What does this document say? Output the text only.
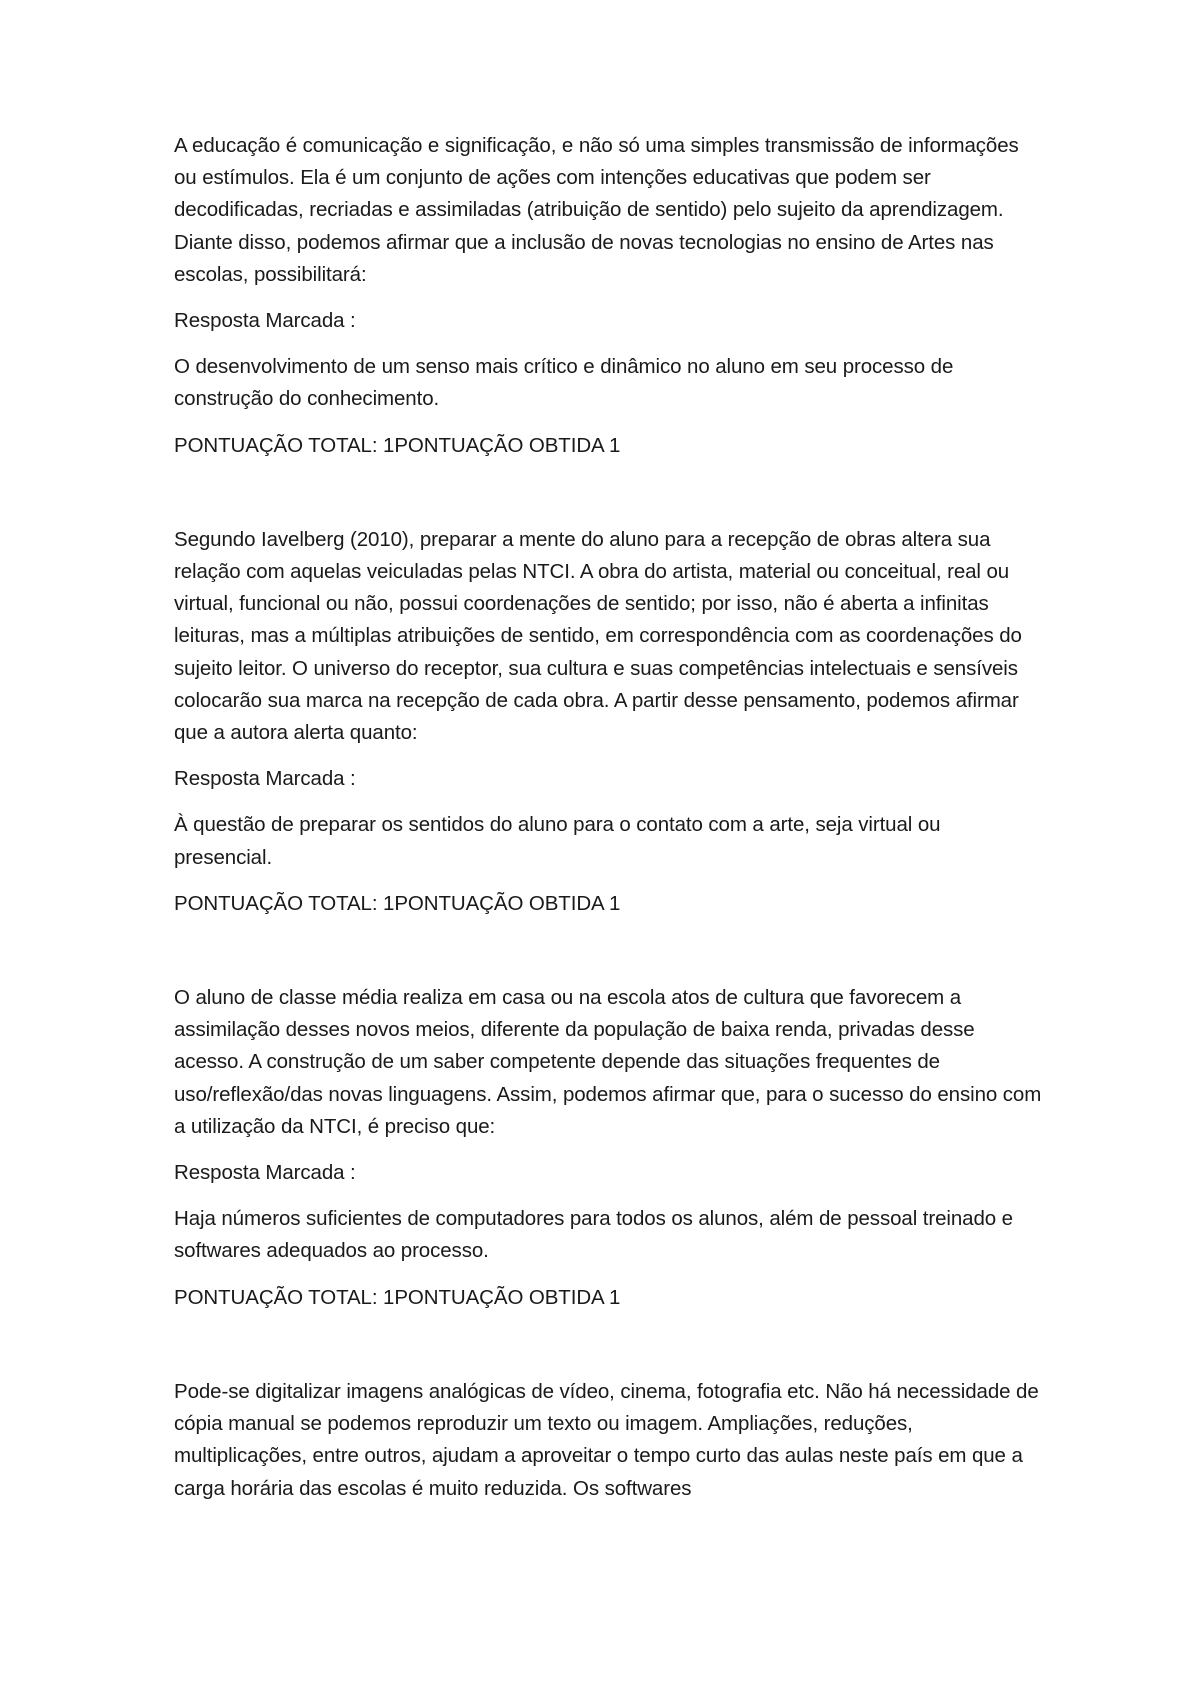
A educação é comunicação e significação, e não só uma simples transmissão de informações ou estímulos. Ela é um conjunto de ações com intenções educativas que podem ser decodificadas, recriadas e assimiladas (atribuição de sentido) pelo sujeito da aprendizagem. Diante disso, podemos afirmar que a inclusão de novas tecnologias no ensino de Artes nas escolas, possibilitará:

Resposta Marcada :

O desenvolvimento de um senso mais crítico e dinâmico no aluno em seu processo de construção do conhecimento.

PONTUAÇÃO TOTAL: 1PONTUAÇÃO OBTIDA 1

Segundo Iavelberg (2010), preparar a mente do aluno para a recepção de obras altera sua relação com aquelas veiculadas pelas NTCI. A obra do artista, material ou conceitual, real ou virtual, funcional ou não, possui coordenações de sentido; por isso, não é aberta a infinitas leituras, mas a múltiplas atribuições de sentido, em correspondência com as coordenações do sujeito leitor. O universo do receptor, sua cultura e suas competências intelectuais e sensíveis colocarão sua marca na recepção de cada obra. A partir desse pensamento, podemos afirmar que a autora alerta quanto:

Resposta Marcada :

À questão de preparar os sentidos do aluno para o contato com a arte, seja virtual ou presencial.

PONTUAÇÃO TOTAL: 1PONTUAÇÃO OBTIDA 1

O aluno de classe média realiza em casa ou na escola atos de cultura que favorecem a assimilação desses novos meios, diferente da população de baixa renda, privadas desse acesso. A construção de um saber competente depende das situações frequentes de uso/reflexão/das novas linguagens. Assim, podemos afirmar que, para o sucesso do ensino com a utilização da NTCI, é preciso que:

Resposta Marcada :

Haja números suficientes de computadores para todos os alunos, além de pessoal treinado e softwares adequados ao processo.

PONTUAÇÃO TOTAL: 1PONTUAÇÃO OBTIDA 1

Pode-se digitalizar imagens analógicas de vídeo, cinema, fotografia etc. Não há necessidade de cópia manual se podemos reproduzir um texto ou imagem. Ampliações, reduções, multiplicações, entre outros, ajudam a aproveitar o tempo curto das aulas neste país em que a carga horária das escolas é muito reduzida. Os softwares
